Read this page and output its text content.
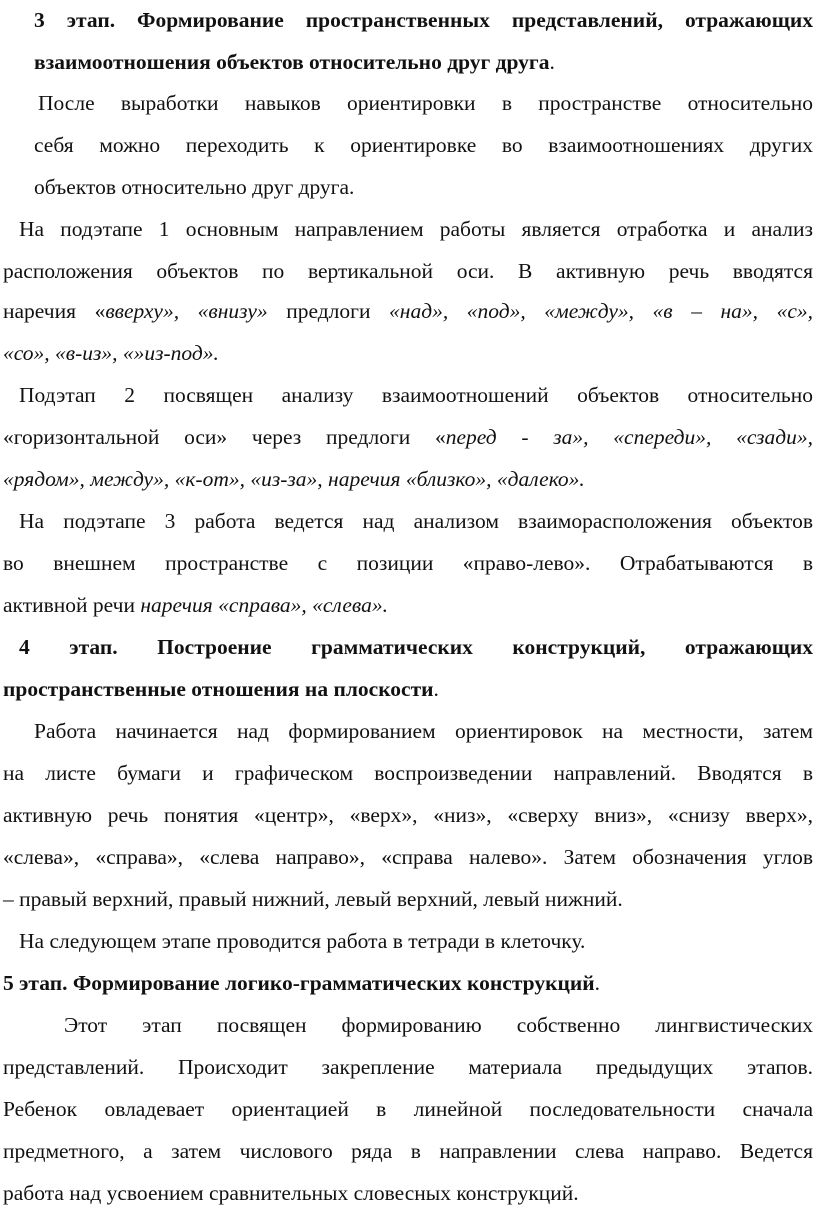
3 этап. Формирование пространственных представлений, отражающих
взаимоотношения объектов относительно друг друга.
После выработки навыков ориентировки в пространстве относительно
себя можно переходить к ориентировке во взаимоотношениях других
объектов относительно друг друга.
На подэтапе 1 основным направлением работы является отработка и анализ
расположения объектов по вертикальной оси. В активную речь вводятся
наречия «вверху», «внизу» предлоги «над», «под», «между», «в – на», «с»,
«со», «в-из», «»из-под».
Подэтап 2 посвящен анализу взаимоотношений объектов относительно
«горизонтальной оси» через предлоги «перед - за», «спереди», «сзади»,
«рядом», между», «к-от», «из-за», наречия «близко», «далеко».
На подэтапе 3 работа ведется над анализом взаиморасположения объектов
во внешнем пространстве с позиции «право-лево». Отрабатываются в
активной речи наречия «справа», «слева».
4 этап. Построение грамматических конструкций, отражающих
пространственные отношения на плоскости.
Работа начинается над формированием ориентировок на местности, затем
на листе бумаги и графическом воспроизведении направлений. Вводятся в
активную речь понятия «центр», «верх», «низ», «сверху вниз», «снизу вверх»,
«слева», «справа», «слева направо», «справа налево». Затем обозначения углов
– правый верхний, правый нижний, левый верхний, левый нижний.
На следующем этапе проводится работа в тетради в клеточку.
5 этап. Формирование логико-грамматических конструкций.
Этот этап посвящен формированию собственно лингвистических
представлений. Происходит закрепление материала предыдущих этапов.
Ребенок овладевает ориентацией в линейной последовательности сначала
предметного, а затем числового ряда в направлении слева направо. Ведется
работа над усвоением сравнительных словесных конструкций.
